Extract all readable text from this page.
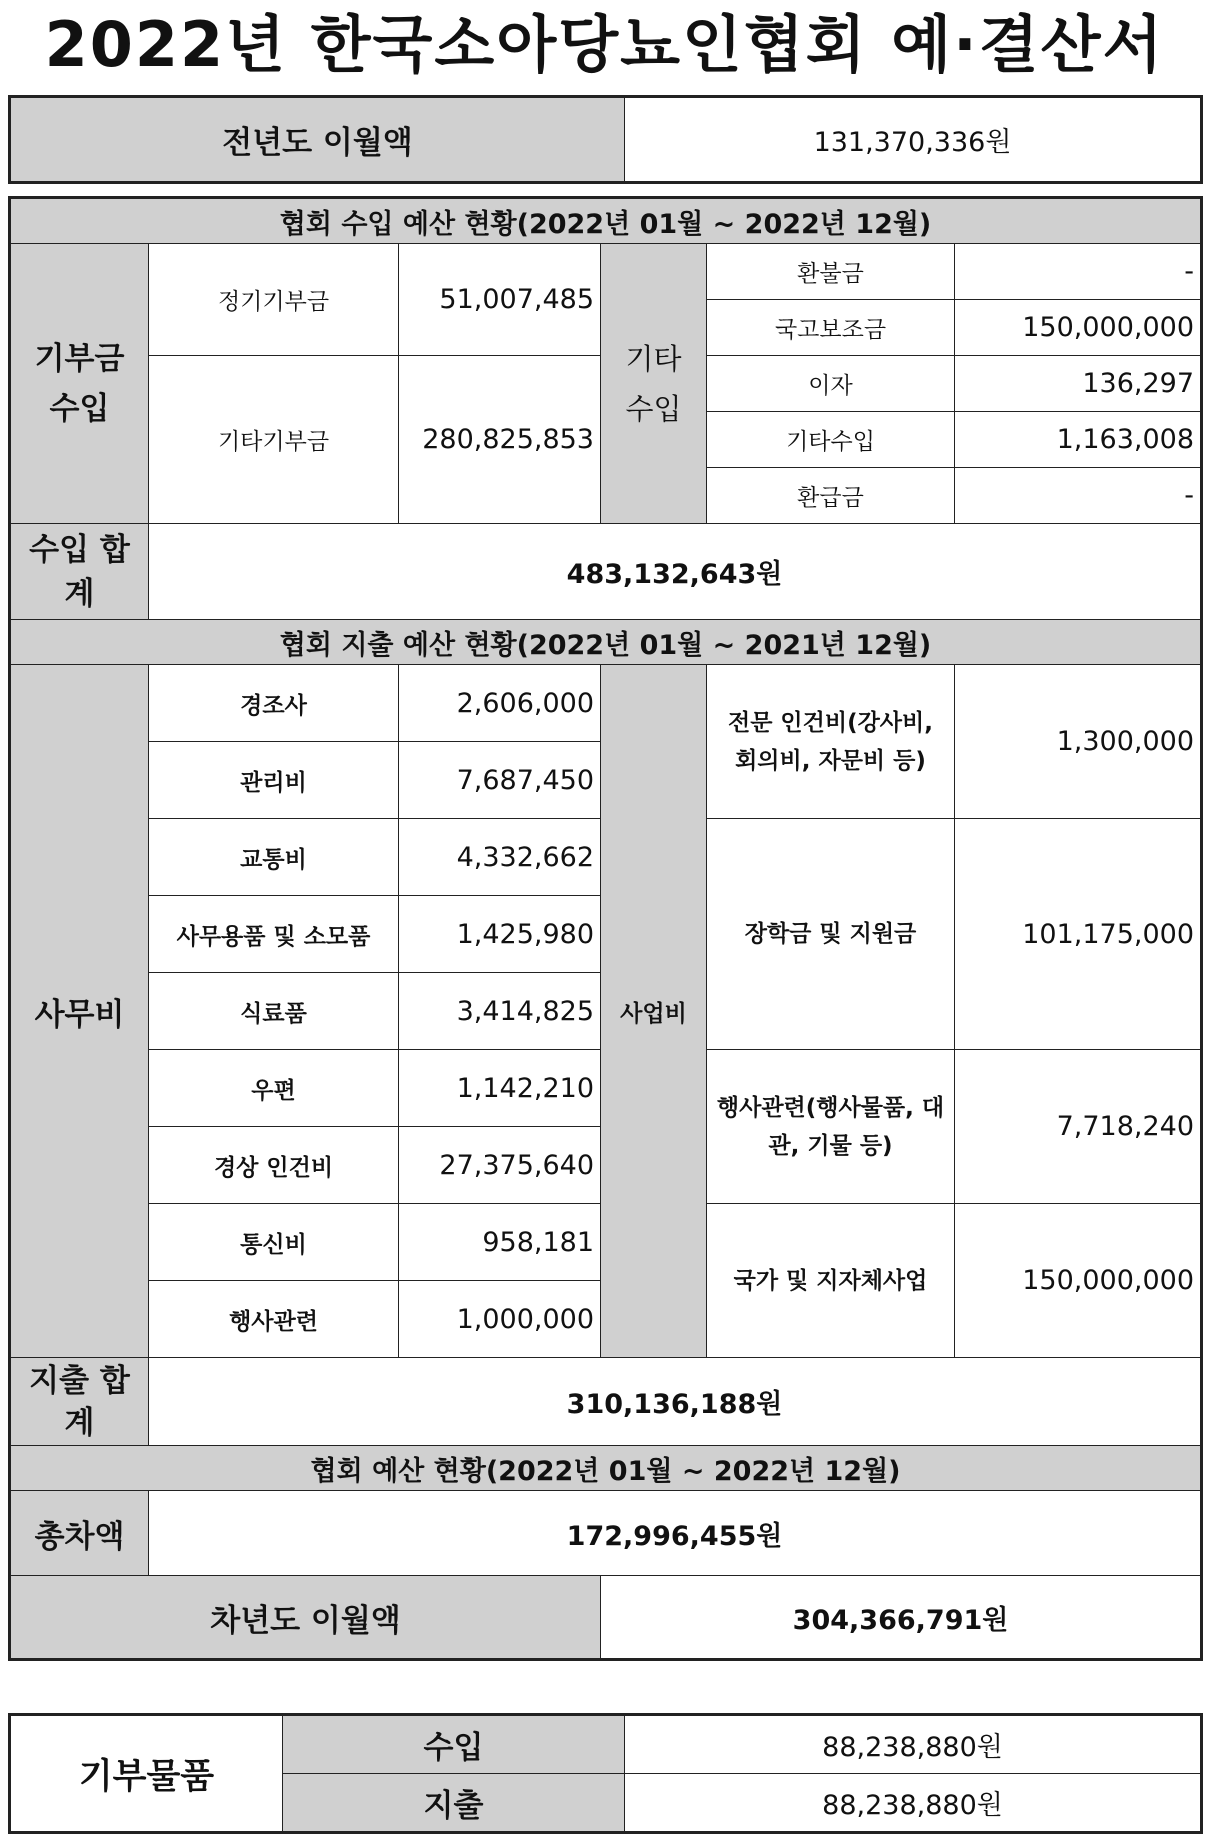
2022년 한국소아당뇨인협회 예·결산서
전년도 이월액	131,370,336원
협회 수입 예산 현황(2022년 01월 ~ 2022년 12월)					
기부금 수입	정기기부금	51,007,485	기타 수입	환불금	-
				국고보조금	150,000,000
	기타기부금	280,825,853		이자	136,297
				기타수입	1,163,008
				환급금	-
수입 합계	483,132,643원				
협회 지출 예산 현황(2022년 01월 ~ 2021년 12월)					
사무비	경조사	2,606,000	사업비	전문 인건비(강사비, 회의비, 자문비 등)	1,300,000
	관리비	7,687,450			
	교통비	4,332,662		장학금 및 지원금	101,175,000
	사무용품 및 소모품	1,425,980			
	식료품	3,414,825			
	우편	1,142,210		행사관련(행사물품, 대관, 기물 등)	7,718,240
	경상 인건비	27,375,640			
	통신비	958,181		국가 및 지자체사업	150,000,000
	행사관련	1,000,000			
지출 합계	310,136,188원				
협회 예산 현황(2022년 01월 ~ 2022년 12월)					
총차액	172,996,455원				
차년도 이월액			304,366,791원		
기부물품	수입	88,238,880원
	지출	88,238,880원
